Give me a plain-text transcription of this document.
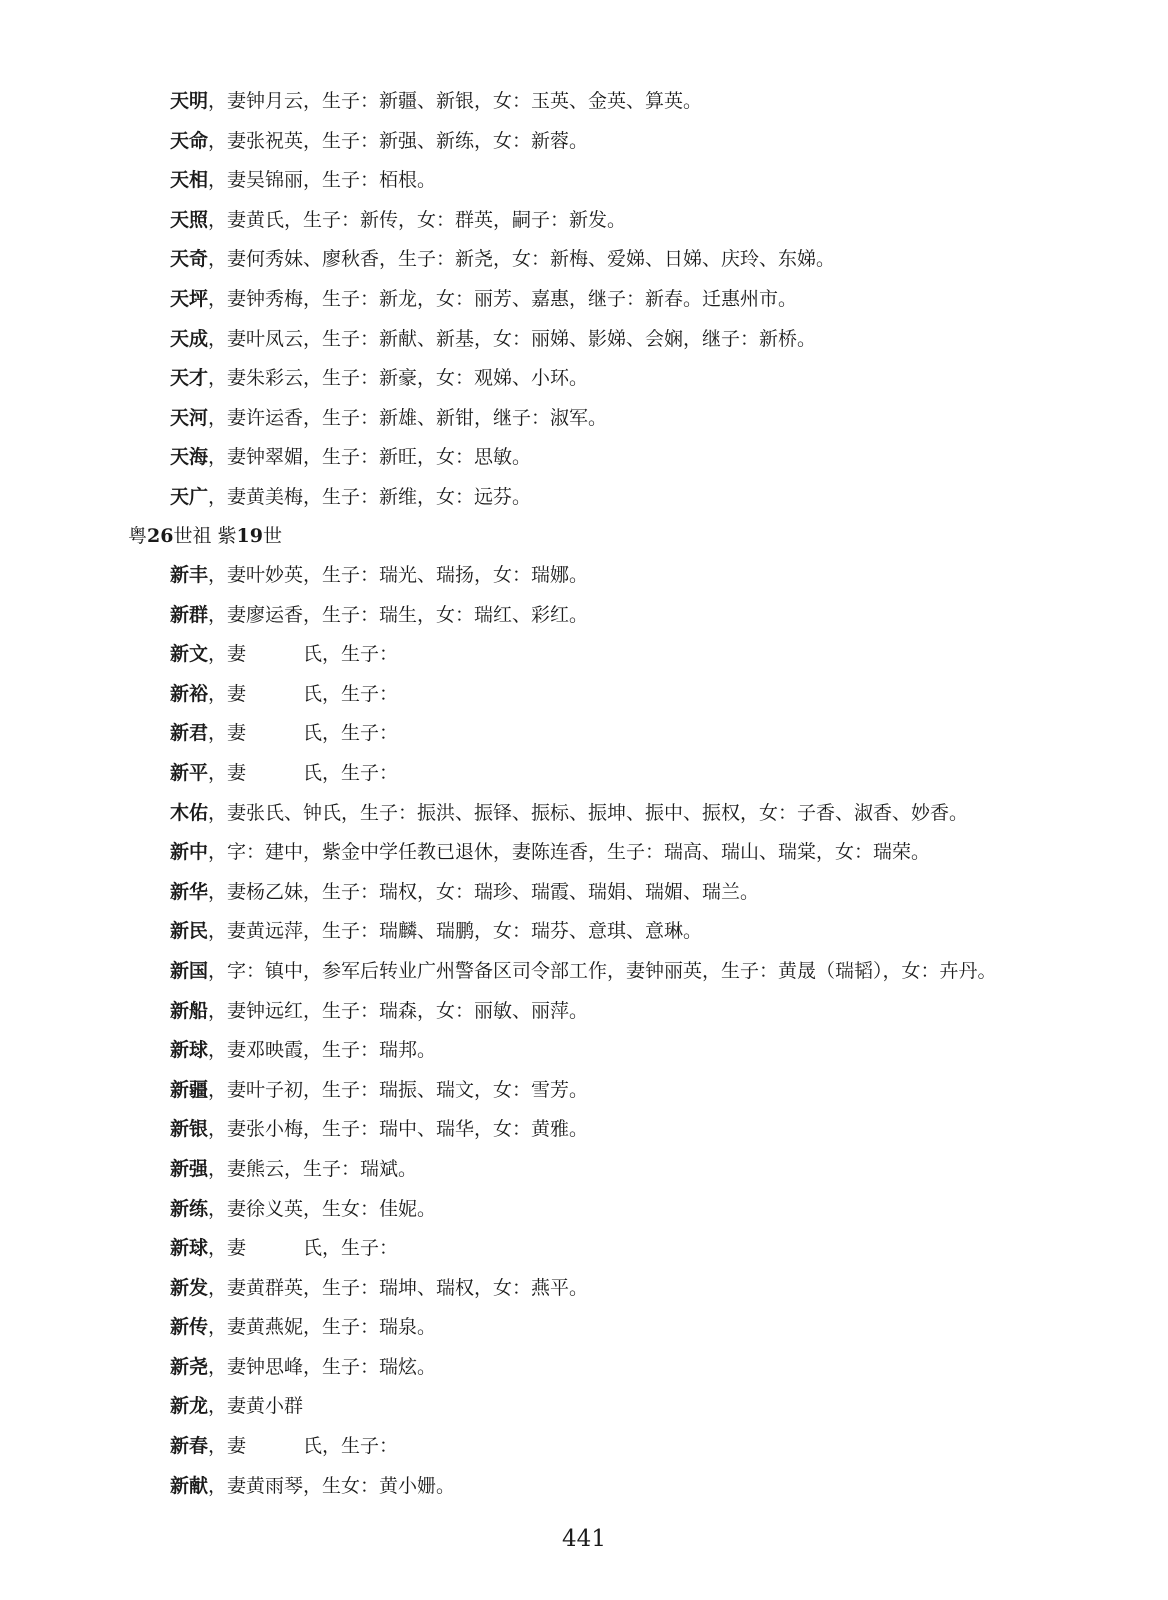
天明，妻钟月云，生子：新疆、新银，女：玉英、金英、算英。
天命，妻张祝英，生子：新强、新练，女：新蓉。
天相，妻吴锦丽，生子：栢根。
天照，妻黄氏，生子：新传，女：群英，嗣子：新发。
天奇，妻何秀妹、廖秋香，生子：新尧，女：新梅、爱娣、日娣、庆玲、东娣。
天坪，妻钟秀梅，生子：新龙，女：丽芳、嘉惠，继子：新春。迁惠州市。
天成，妻叶凤云，生子：新献、新基，女：丽娣、影娣、会娴，继子：新桥。
天才，妻朱彩云，生子：新豪，女：观娣、小环。
天河，妻许运香，生子：新雄、新钳，继子：淑军。
天海，妻钟翠媚，生子：新旺，女：思敏。
天广，妻黄美梅，生子：新维，女：远芬。
粤26世祖 紫19世
新丰，妻叶妙英，生子：瑞光、瑞扬，女：瑞娜。
新群，妻廖运香，生子：瑞生，女：瑞红、彩红。
新文，妻　　　氏，生子：
新裕，妻　　　氏，生子：
新君，妻　　　氏，生子：
新平，妻　　　氏，生子：
木佑，妻张氏、钟氏，生子：振洪、振铎、振标、振坤、振中、振权，女：子香、淑香、妙香。
新中，字：建中，紫金中学任教已退休，妻陈连香，生子：瑞高、瑞山、瑞棠，女：瑞荣。
新华，妻杨乙妹，生子：瑞权，女：瑞珍、瑞霞、瑞娟、瑞媚、瑞兰。
新民，妻黄远萍，生子：瑞麟、瑞鹏，女：瑞芬、意琪、意琳。
新国，字：镇中，参军后转业广州警备区司令部工作，妻钟丽英，生子：黄晟（瑞韬），女：卉丹。
新船，妻钟远红，生子：瑞森，女：丽敏、丽萍。
新球，妻邓映霞，生子：瑞邦。
新疆，妻叶子初，生子：瑞振、瑞文，女：雪芳。
新银，妻张小梅，生子：瑞中、瑞华，女：黄雅。
新强，妻熊云，生子：瑞斌。
新练，妻徐义英，生女：佳妮。
新球，妻　　　氏，生子：
新发，妻黄群英，生子：瑞坤、瑞权，女：燕平。
新传，妻黄燕妮，生子：瑞泉。
新尧，妻钟思峰，生子：瑞炫。
新龙，妻黄小群
新春，妻　　　氏，生子：
新献，妻黄雨琴，生女：黄小姗。
441
